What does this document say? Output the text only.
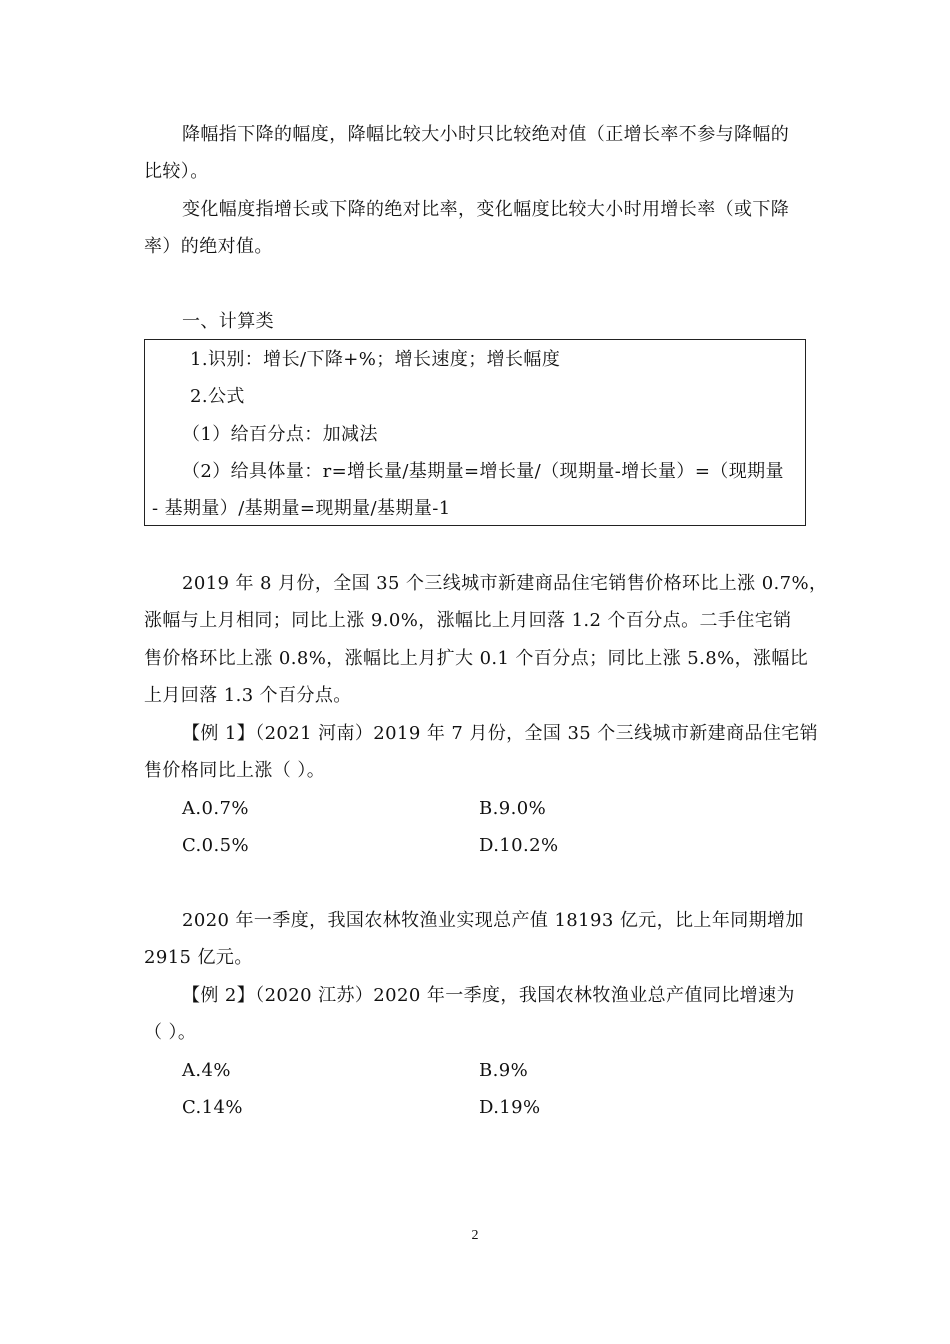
降幅指下降的幅度，降幅比较大小时只比较绝对值（正增长率不参与降幅的
比较）。
变化幅度指增长或下降的绝对比率，变化幅度比较大小时用增长率（或下降
率）的绝对值。
一、计算类
1.识别：增长/下降+%；增长速度；增长幅度
2.公式
（1）给百分点：加减法
（2）给具体量：r=增长量/基期量=增长量/（现期量-增长量）=（现期量
- 基期量）/基期量=现期量/基期量-1
2019 年 8 月份，全国 35 个三线城市新建商品住宅销售价格环比上涨 0.7%，
涨幅与上月相同；同比上涨 9.0%，涨幅比上月回落 1.2 个百分点。二手住宅销
售价格环比上涨 0.8%，涨幅比上月扩大 0.1 个百分点；同比上涨 5.8%，涨幅比
上月回落 1.3 个百分点。
【例 1】（2021 河南）2019 年 7 月份，全国 35 个三线城市新建商品住宅销
售价格同比上涨（ ）。
A.0.7%	B.9.0%
C.0.5%	D.10.2%
2020 年一季度，我国农林牧渔业实现总产值 18193 亿元，比上年同期增加
2915 亿元。
【例 2】（2020 江苏）2020 年一季度，我国农林牧渔业总产值同比增速为
（ ）。
A.4%	B.9%
C.14%	D.19%
2
